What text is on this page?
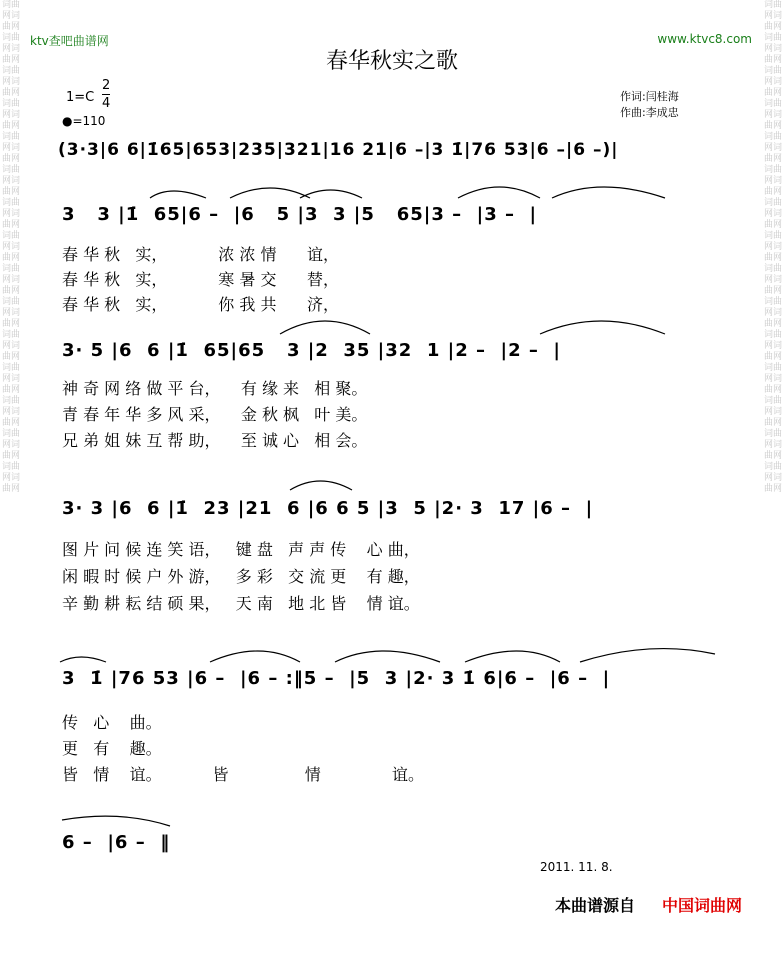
词曲网词曲网词曲网词曲网词曲网词曲网词曲网词曲网词曲网词曲网词曲网词曲网词曲网词曲网词曲网词曲网词曲网词曲网词曲网词曲网词曲网词曲网词曲网词曲网词曲网词曲网词曲网词曲网词曲网词曲网
词曲网词曲网词曲网词曲网词曲网词曲网词曲网词曲网词曲网词曲网词曲网词曲网词曲网词曲网词曲网词曲网词曲网词曲网词曲网词曲网词曲网词曲网词曲网词曲网词曲网词曲网词曲网词曲网词曲网词曲网
ktv查吧曲谱网	www.ktvc8.com
春华秋实之歌
1=C
2
4
●=110
作词:闫桂海
作曲:李成忠
(3·3|6 6|1̇65|653|235|321|16 21|6 –|3 1̇|76 53|6 –|6 –)|
3   3 |1̇  65|6 –  |6   5 |3  3 |5   65|3 –  |3 –  |
春 华 秋   实，          浓 浓 情      谊，
春 华 秋   实，          寒 暑 交      替，
春 华 秋   实，          你 我 共      济，
3· 5 |6  6 |1̇  65|65   3 |2  35 |32  1 |2 –  |2 –  |
神 奇 网 络 做 平 台，    有 缘 来   相 聚。
青 春 年 华 多 风 采，    金 秋 枫   叶 美。
兄 弟 姐 妹 互 帮 助，    至 诚 心   相 会。
3· 3 |6  6 |1̇  23 |21  6 |6 6 5 |3  5 |2· 3  17 |6 –  |
图 片 问 候 连 笑 语，   键 盘   声 声 传    心 曲，
闲 暇 时 候 户 外 游，   多 彩   交 流 更    有 趣，
辛 勤 耕 耘 结 硕 果，   天 南   地 北 皆    情 谊。
3  1̇ |76 53 |6 –  |6 – :‖5 –  |5  3 |2· 3 1̇ 6|6 –  |6 –  |
传   心    曲。
更   有    趣。
皆   情    谊。          皆               情              谊。
6 –  |6 –  ‖
2011. 11. 8.
本曲谱源自 中国词曲网
